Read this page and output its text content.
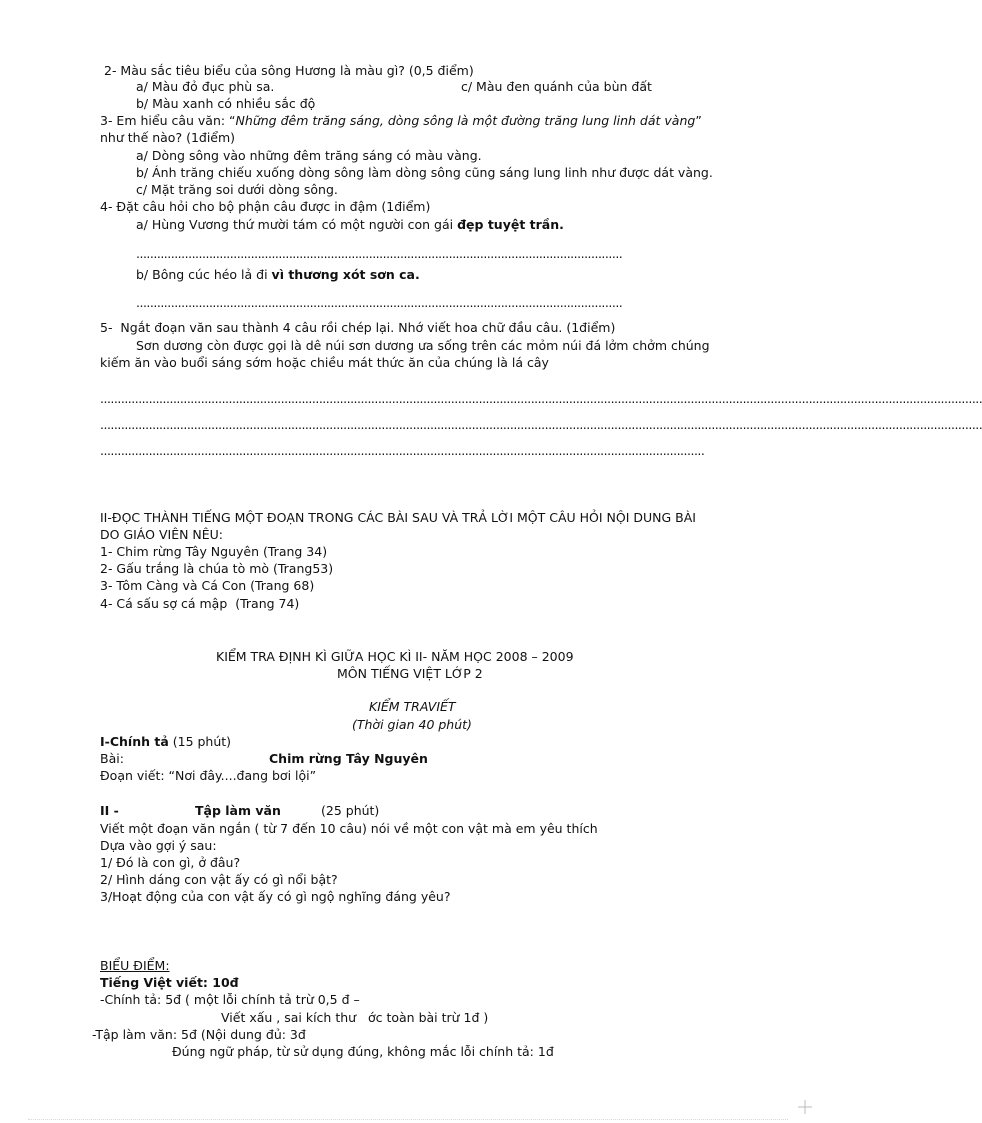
2- Màu sắc tiêu biểu của sông Hương là màu gì? (0,5 điểm)
a/ Màu đỏ đục phù sa.	c/ Màu đen quánh của bùn đất
b/ Màu xanh có nhiều sắc độ
3- Em hiểu câu văn: “Những đêm trăng sáng, dòng sông là một đường trăng lung linh dát vàng”
như thế nào? (1điểm)
a/ Dòng sông vào những đêm trăng sáng có màu vàng.
b/ Ánh trăng chiếu xuống dòng sông làm dòng sông cũng sáng lung linh như được dát vàng.
c/ Mặt trăng soi dưới dòng sông.
4- Đặt câu hỏi cho bộ phận câu được in đậm (1điểm)
a/ Hùng Vương thứ mười tám có một người con gái đẹp tuyệt trần.
............................................................................................................................................
b/ Bông cúc héo lả đi vì thương xót sơn ca.
............................................................................................................................................
5-  Ngắt đoạn văn sau thành 4 câu rồi chép lại. Nhớ viết hoa chữ đầu câu. (1điểm)
Sơn dương còn được gọi là dê núi sơn dương ưa sống trên các mỏm núi đá lởm chởm chúng
kiếm ăn vào buổi sáng sớm hoặc chiều mát thức ăn của chúng là lá cây
..............................................................................................................................................................................................................................................................
..............................................................................................................................................................................................................................................................
..............................................................................................................................................................................
II-ĐỌC THÀNH TIẾNG MỘT ĐOẠN TRONG CÁC BÀI SAU VÀ TRẢ LỜI MỘT CÂU HỎI NỘI DUNG BÀI
DO GIÁO VIÊN NÊU:
1- Chim rừng Tây Nguyên (Trang 34)
2- Gấu trắng là chúa tò mò (Trang53)
3- Tôm Càng và Cá Con (Trang 68)
4- Cá sấu sợ cá mập  (Trang 74)
KIỂM TRA ĐỊNH KÌ GIỮA HỌC KÌ II- NĂM HỌC 2008 – 2009
MÔN TIẾNG VIỆT LỚP 2
KIỂM TRAVIẾT
(Thời gian 40 phút)
I-Chính tả (15 phút)
Bài:	Chim rừng Tây Nguyên
Đoạn viết: “Nơi đây....đang bơi lội”
II -	Tập làm văn	(25 phút)
Viết một đoạn văn ngắn ( từ 7 đến 10 câu) nói về một con vật mà em yêu thích
Dựa vào gợi ý sau:
1/ Đó là con gì, ở đâu?
2/ Hình dáng con vật ấy có gì nổi bật?
3/Hoạt động của con vật ấy có gì ngộ nghĩng đáng yêu?
BIỂU ĐIỂM:
Tiếng Việt viết: 10đ
-Chính tả: 5đ ( một lỗi chính tả trừ 0,5 đ –
Viết xấu , sai kích thư   ớc toàn bài trừ 1đ )
-Tập làm văn: 5đ (Nội dung đủ: 3đ
Đúng ngữ pháp, từ sử dụng đúng, không mắc lỗi chính tả: 1đ
